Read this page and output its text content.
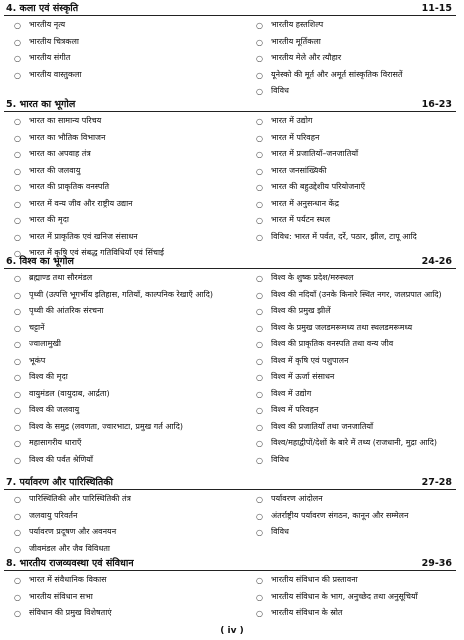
4. कला एवं संस्कृति	11-15
○
भारतीय नृत्य
○
भारतीय चित्रकला
○
भारतीय संगीत
○
भारतीय वास्तुकला
○
भारतीय हस्तशिल्प
○
भारतीय मूर्तिकला
○
भारतीय मेले और त्यौहार
○
यूनेस्को की मूर्त और अमूर्त सांस्कृतिक विरासतें
○
विविध
5. भारत का भूगोल	16-23
○
भारत का सामान्य परिचय
○
भारत का भौतिक विभाजन
○
भारत का अपवाह तंत्र
○
भारत की जलवायु
○
भारत की प्राकृतिक वनस्पति
○
भारत में वन्य जीव और राष्ट्रीय उद्यान
○
भारत की मृदा
○
भारत में प्राकृतिक एवं खनिज संसाधन
○
भारत में कृषि एवं संबद्ध गतिविधियाँ एवं सिंचाई
○
भारत में उद्योग
○
भारत में परिवहन
○
भारत में प्रजातियाँ–जनजातियाँ
○
भारत जनसांख्यिकी
○
भारत की बहुउद्देशीय परियोजनाएँ
○
भारत में अनुसन्धान केंद्र
○
भारत में पर्यटन स्थल
○
विविध: भारत में पर्वत, दर्रे, पठार, झील, टापू आदि
6. विश्व का भूगोल	24-26
○
ब्रह्माण्ड तथा सौरमंडल
○
पृथ्वी (उत्पत्ति भूगर्भीय इतिहास, गतियाँ, काल्पनिक रेखाएँ आदि)
○
पृथ्वी की आंतरिक संरचना
○
चट्टानें
○
ज्वालामुखी
○
भूकंप
○
विश्व की मृदा
○
वायुमंडल (वायुदाब, आर्द्रता)
○
विश्व की जलवायु
○
विश्व के समुद्र (लवणता, ज्वारभाटा, प्रमुख गर्त आदि)
○
महासागरीय धाराएँ
○
विश्व की पर्वत श्रेणियाँ
○
विश्व के शुष्क प्रदेश/मरुस्थल
○
विश्व की नदियाँ (उनके किनारे स्थित नगर, जलप्रपात आदि)
○
विश्व की प्रमुख झीलें
○
विश्व के प्रमुख जलडमरूमध्य तथा स्थलडमरूमध्य
○
विश्व की प्राकृतिक वनस्पति तथा वन्य जीव
○
विश्व में कृषि एवं पशुपालन
○
विश्व में ऊर्जा संसाधन
○
विश्व में उद्योग
○
विश्व में परिवहन
○
विश्व की प्रजातियाँ तथा जनजातियाँ
○
विश्व/महाद्वीपों/देशों के बारे में तथ्य (राजधानी, मुद्रा आदि)
○
विविध
7. पर्यावरण और पारिस्थितिकी	27-28
○
पारिस्थितिकी और पारिस्थितिकी तंत्र
○
जलवायु परिवर्तन
○
पर्यावरण प्रदूषण और अवनयन
○
जीवमंडल और जैव विविधता
○
पर्यावरण आंदोलन
○
अंतर्राष्ट्रीय पर्यावरण संगठन, कानून और सम्मेलन
○
विविध
8. भारतीय राजव्यवस्था एवं संविधान	29-36
○
भारत में संवैधानिक विकास
○
भारतीय संविधान सभा
○
संविधान की प्रमुख विशेषताएं
○
भारतीय संविधान की प्रस्तावना
○
भारतीय संविधान के भाग, अनुच्छेद तथा अनुसूचियाँ
○
भारतीय संविधान के स्रोत
( iv )
